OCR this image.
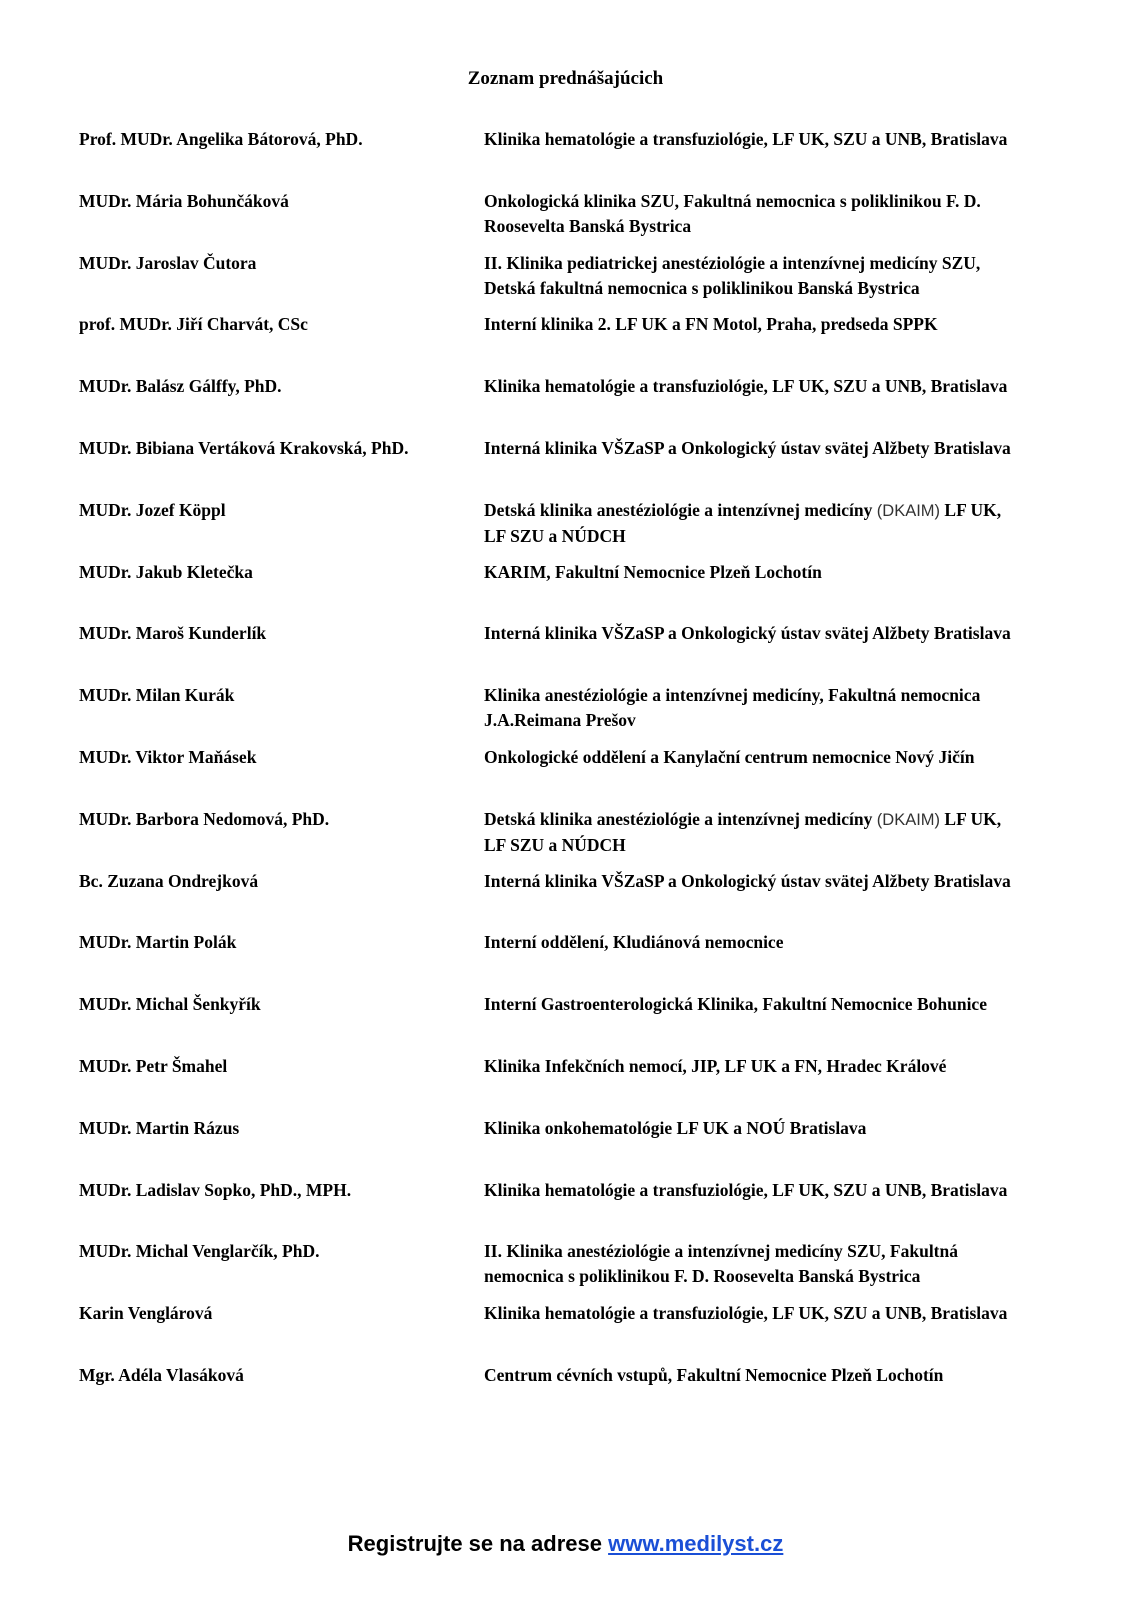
Zoznam prednášajúcich
Prof. MUDr. Angelika Bátorová, PhD.	Klinika hematológie a transfuziológie, LF UK, SZU a UNB, Bratislava
MUDr. Mária Bohunčáková	Onkologická klinika SZU, Fakultná nemocnica s poliklinikou F. D.
Roosevelta Banská Bystrica
MUDr. Jaroslav Čutora	II. Klinika pediatrickej anestéziológie a intenzívnej medicíny SZU,
Detská fakultná nemocnica s poliklinikou Banská Bystrica
prof. MUDr. Jiří Charvát, CSc	Interní klinika 2. LF UK a FN Motol, Praha, predseda SPPK
MUDr. Balász Gálffy, PhD.	Klinika hematológie a transfuziológie, LF UK, SZU a UNB, Bratislava
MUDr. Bibiana Vertáková Krakovská, PhD.	Interná klinika VŠZaSP a Onkologický ústav svätej Alžbety Bratislava
MUDr. Jozef Köppl	Detská klinika anestéziológie a intenzívnej medicíny (DKAIM) LF UK,
LF SZU a NÚDCH
MUDr. Jakub Kletečka	KARIM, Fakultní Nemocnice Plzeň Lochotín
MUDr. Maroš Kunderlík	Interná klinika VŠZaSP a Onkologický ústav svätej Alžbety Bratislava
MUDr. Milan Kurák	Klinika anestéziológie a intenzívnej medicíny, Fakultná nemocnica
J.A.Reimana Prešov
MUDr. Viktor Maňásek	Onkologické oddělení a Kanylační centrum nemocnice Nový Jičín
MUDr. Barbora Nedomová, PhD.	Detská klinika anestéziológie a intenzívnej medicíny (DKAIM) LF UK,
LF SZU a NÚDCH
Bc. Zuzana Ondrejková	Interná klinika VŠZaSP a Onkologický ústav svätej Alžbety Bratislava
MUDr. Martin Polák	Interní oddělení, Kludiánová nemocnice
MUDr. Michal Šenkyřík	Interní Gastroenterologická Klinika, Fakultní Nemocnice Bohunice
MUDr. Petr Šmahel	Klinika Infekčních nemocí, JIP, LF UK a FN, Hradec Králové
MUDr. Martin Rázus	Klinika onkohematológie LF UK a NOÚ Bratislava
MUDr. Ladislav Sopko, PhD., MPH.	Klinika hematológie a transfuziológie, LF UK, SZU a UNB, Bratislava
MUDr. Michal Venglarčík, PhD.	II. Klinika anestéziológie a intenzívnej medicíny SZU, Fakultná
nemocnica s poliklinikou F. D. Roosevelta Banská Bystrica
Karin Venglárová	Klinika hematológie a transfuziológie, LF UK, SZU a UNB, Bratislava
Mgr. Adéla Vlasáková	Centrum cévních vstupů, Fakultní Nemocnice Plzeň Lochotín
Registrujte se na adrese www.medilyst.cz
